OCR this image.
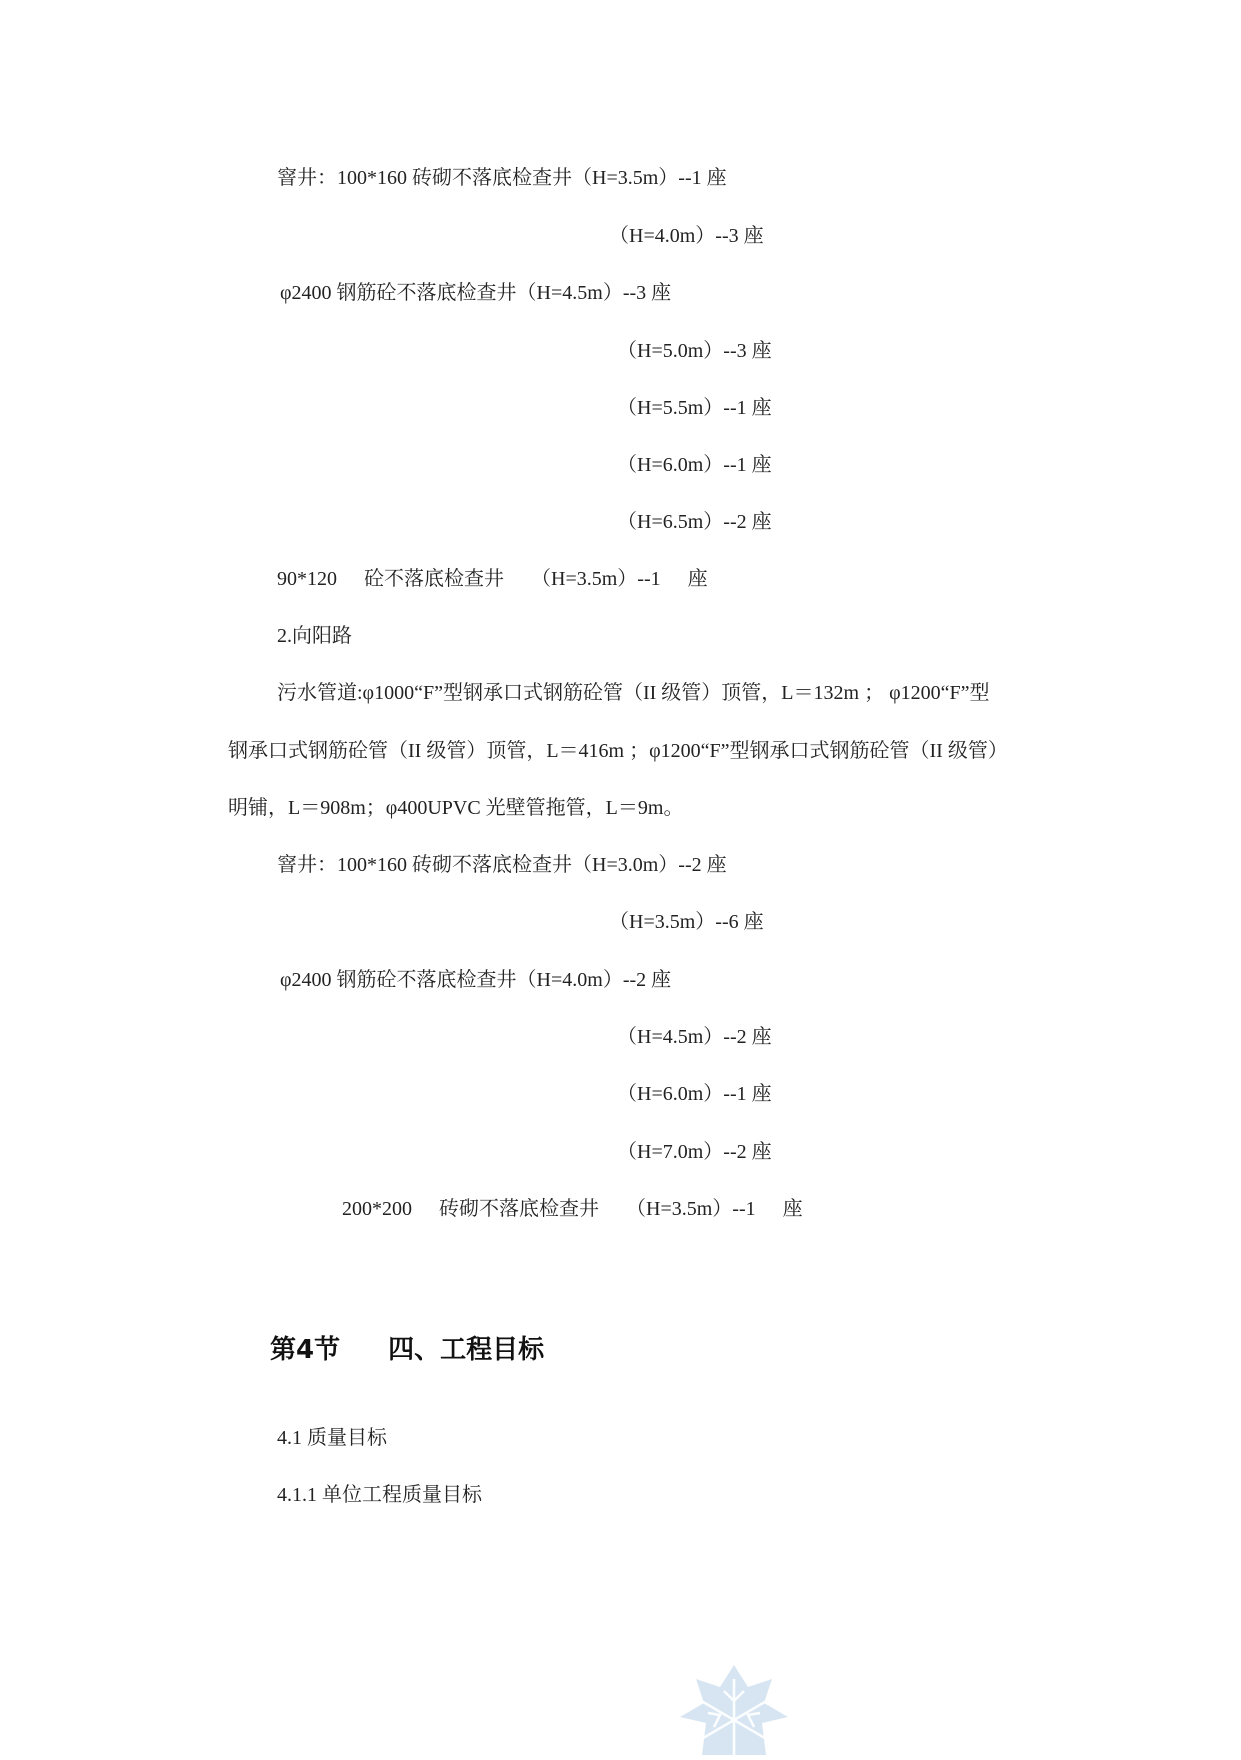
窨井：100*160 砖砌不落底检查井（H=3.5m）--1 座
（H=4.0m）--3 座
φ2400 钢筋砼不落底检查井（H=4.5m）--3 座
（H=5.0m）--3 座
（H=5.5m）--1 座
（H=6.0m）--1 座
（H=6.5m）--2 座
90*120 砼不落底检查井 （H=3.5m）--1 座
2.向阳路
污水管道:φ1000“F”型钢承口式钢筋砼管（II 级管）顶管，L＝132m ； φ1200“F”型
钢承口式钢筋砼管（II 级管）顶管，L＝416m ；φ1200“F”型钢承口式钢筋砼管（II 级管）
明铺，L＝908m；φ400UPVC 光壁管拖管，L＝9m。
窨井：100*160 砖砌不落底检查井（H=3.0m）--2 座
（H=3.5m）--6 座
φ2400 钢筋砼不落底检查井（H=4.0m）--2 座
（H=4.5m）--2 座
（H=6.0m）--1 座
（H=7.0m）--2 座
200*200 砖砌不落底检查井 （H=3.5m）--1 座
第4节 四、工程目标
4.1 质量目标
4.1.1 单位工程质量目标
